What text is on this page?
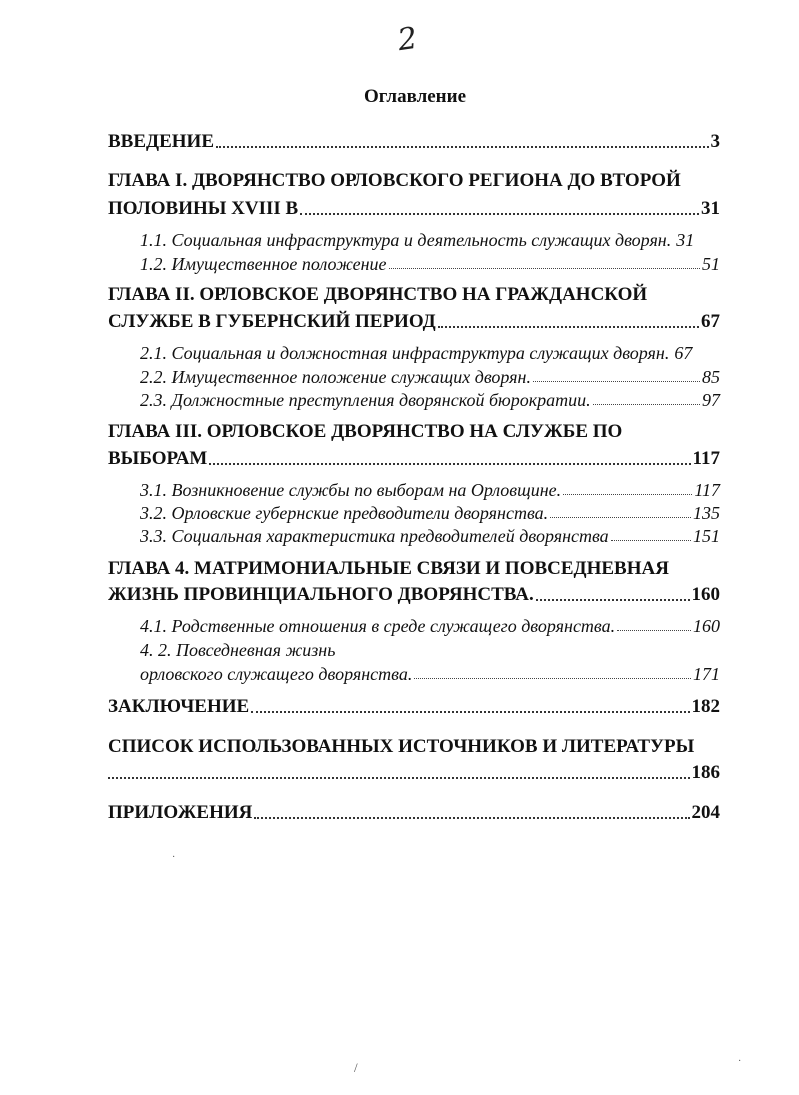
2
Оглавление
ВВЕДЕНИЕ	3
ГЛАВА I. ДВОРЯНСТВО ОРЛОВСКОГО РЕГИОНА ДО ВТОРОЙ
ПОЛОВИНЫ XVIII В	31
1.1. Социальная инфраструктура и деятельность служащих дворян. 31
1.2. Имущественное положение	51
ГЛАВА II. ОРЛОВСКОЕ ДВОРЯНСТВО НА ГРАЖДАНСКОЙ
СЛУЖБЕ В ГУБЕРНСКИЙ ПЕРИОД	67
2.1. Социальная и должностная инфраструктура служащих дворян. 67
2.2. Имущественное положение служащих дворян.	85
2.3. Должностные преступления дворянской бюрократии.	97
ГЛАВА III. ОРЛОВСКОЕ ДВОРЯНСТВО НА СЛУЖБЕ ПО
ВЫБОРАМ	117
3.1. Возникновение службы по выборам на Орловщине.	117
3.2. Орловские губернские предводители дворянства.	135
3.3. Социальная характеристика предводителей дворянства	151
ГЛАВА 4. МАТРИМОНИАЛЬНЫЕ СВЯЗИ И ПОВСЕДНЕВНАЯ
ЖИЗНЬ ПРОВИНЦИАЛЬНОГО ДВОРЯНСТВА.	160
4.1. Родственные отношения в среде служащего дворянства.	160
4. 2. Повседневная жизнь
орловского служащего дворянства.	171
ЗАКЛЮЧЕНИЕ	182
СПИСОК ИСПОЛЬЗОВАННЫХ ИСТОЧНИКОВ И ЛИТЕРАТУРЫ
186
ПРИЛОЖЕНИЯ	204
·
/	·
